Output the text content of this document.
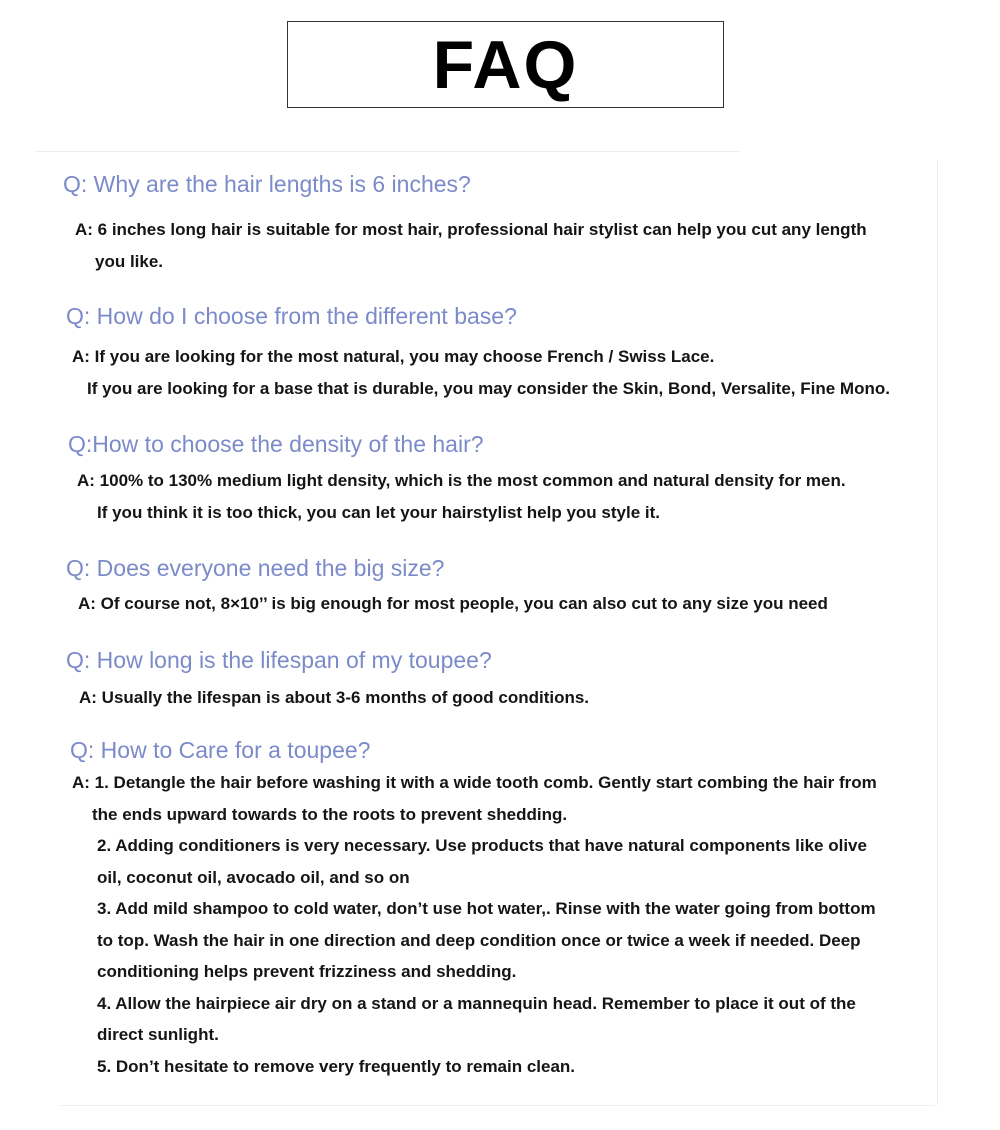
FAQ
Q: Why are the hair lengths is 6 inches?
A: 6 inches long hair is suitable for most hair, professional hair stylist can help you cut any length
you like.
Q: How do I choose from the different base?
A: If you are looking for the most natural, you may choose French / Swiss Lace.
If you are looking for a base that is durable, you may consider the Skin, Bond, Versalite, Fine Mono.
Q:How to choose the density of the hair?
A: 100% to 130% medium light density, which is the most common and natural density for men.
If you think it is too thick, you can let your hairstylist help you style it.
Q: Does everyone need the big size?
A: Of course not, 8×10’’ is big enough for most people, you can also cut to any size you need
Q: How long is the lifespan of my toupee?
A: Usually the lifespan is about 3-6 months of good conditions.
Q: How to Care for a toupee?
A: 1. Detangle the hair before washing it with a wide tooth comb. Gently start combing the hair from
the ends upward towards to the roots to prevent shedding.
2. Adding conditioners is very necessary. Use products that have natural components like olive
oil, coconut oil, avocado oil, and so on
3. Add mild shampoo to cold water, don’t use hot water,. Rinse with the water going from bottom
to top. Wash the hair in one direction and deep condition once or twice a week if needed. Deep
conditioning helps prevent frizziness and shedding.
4. Allow the hairpiece air dry on a stand or a mannequin head. Remember to place it out of the
direct sunlight.
5. Don’t hesitate to remove very frequently to remain clean.
